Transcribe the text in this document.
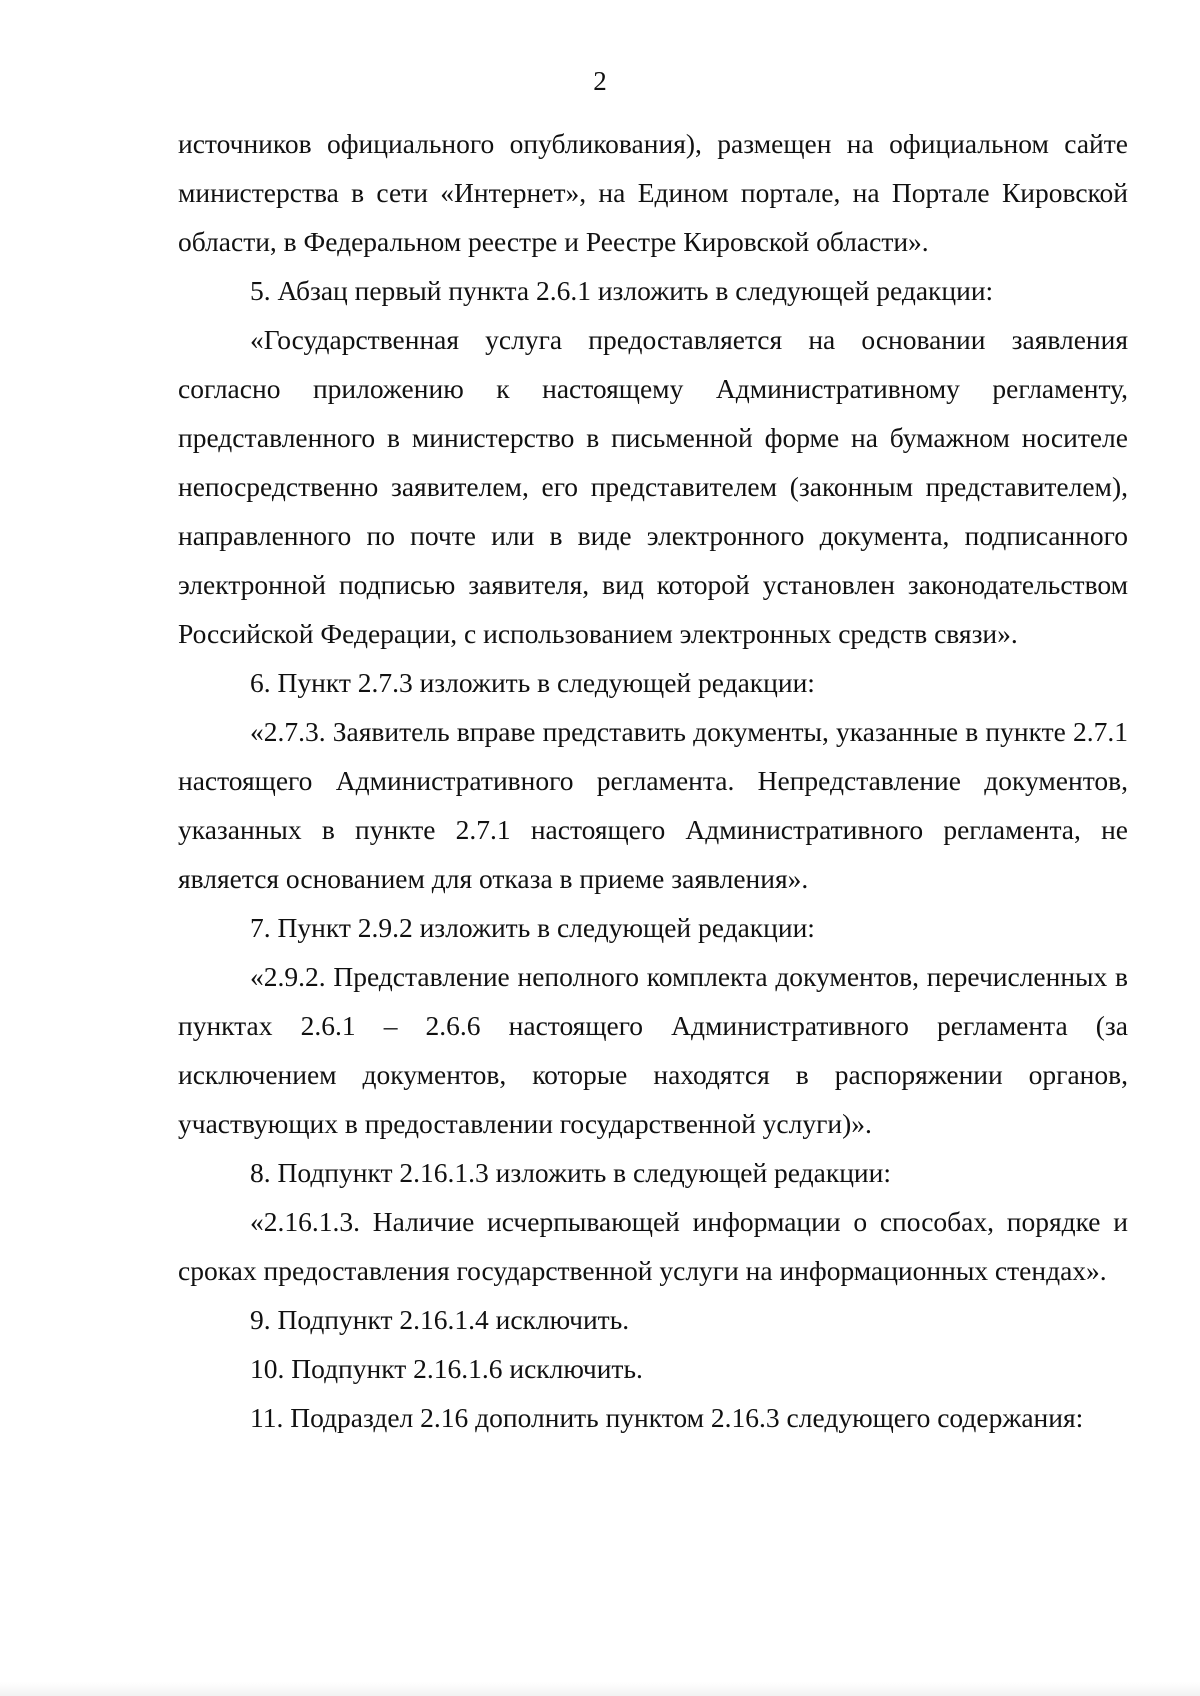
2

источников официального опубликования), размещен на официальном сайте министерства в сети «Интернет», на Едином портале, на Портале Кировской области, в Федеральном реестре и Реестре Кировской области».

5. Абзац первый пункта 2.6.1 изложить в следующей редакции:

«Государственная услуга предоставляется на основании заявления согласно приложению к настоящему Административному регламенту, представленного в министерство в письменной форме на бумажном носителе непосредственно заявителем, его представителем (законным представителем), направленного по почте или в виде электронного документа, подписанного электронной подписью заявителя, вид которой установлен законодательством Российской Федерации, с использованием электронных средств связи».

6. Пункт 2.7.3 изложить в следующей редакции:

«2.7.3. Заявитель вправе представить документы, указанные в пункте 2.7.1 настоящего Административного регламента. Непредставление документов, указанных в пункте 2.7.1 настоящего Административного регламента, не является основанием для отказа в приеме заявления».

7. Пункт 2.9.2 изложить в следующей редакции:

«2.9.2. Представление неполного комплекта документов, перечисленных в пунктах 2.6.1 – 2.6.6 настоящего Административного регламента (за исключением документов, которые находятся в распоряжении органов, участвующих в предоставлении государственной услуги)».

8. Подпункт 2.16.1.3 изложить в следующей редакции:

«2.16.1.3. Наличие исчерпывающей информации о способах, порядке и сроках предоставления государственной услуги на информационных стендах».

9. Подпункт 2.16.1.4 исключить.

10. Подпункт 2.16.1.6 исключить.

11. Подраздел 2.16 дополнить пунктом 2.16.3 следующего содержания:
